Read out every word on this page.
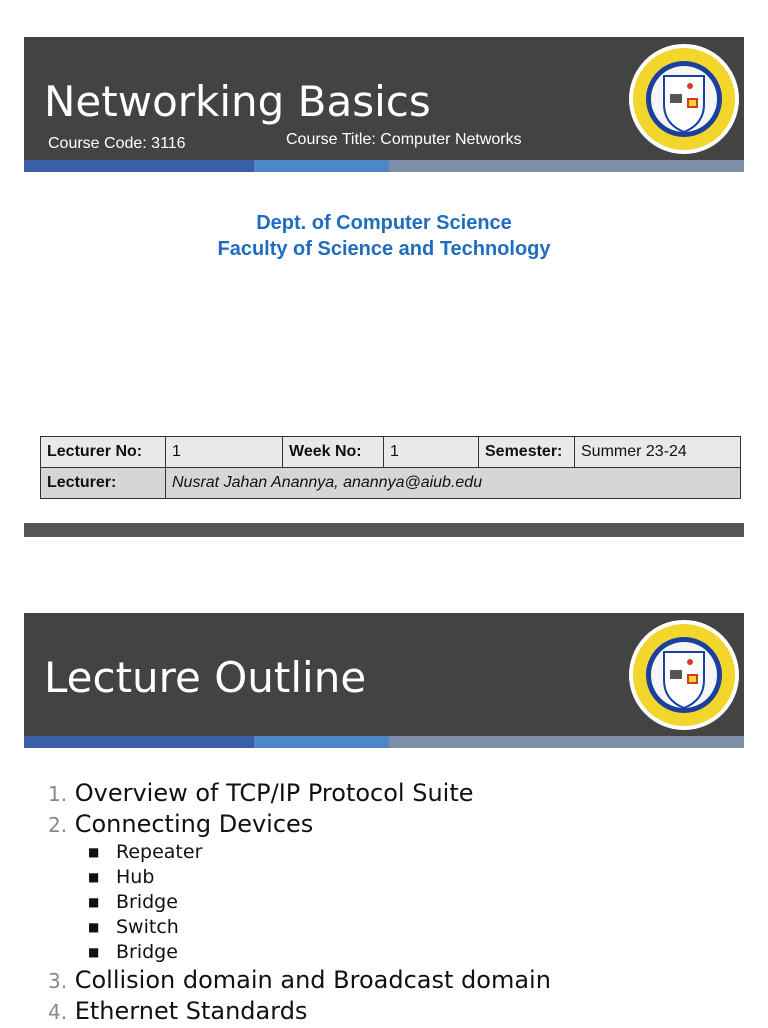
Networking Basics
Course Code: 3116	Course Title: Computer Networks
Dept. of Computer Science
Faculty of Science and Technology
Lecturer No:	1	Week No:	1	Semester:	Summer 23-24
Lecturer:	Nusrat Jahan Anannya, anannya@aiub.edu				
Lecture Outline
1. Overview of TCP/IP Protocol Suite
2. Connecting Devices
■ Repeater
■ Hub
■ Bridge
■ Switch
■ Bridge
3. Collision domain and Broadcast domain
4. Ethernet Standards
